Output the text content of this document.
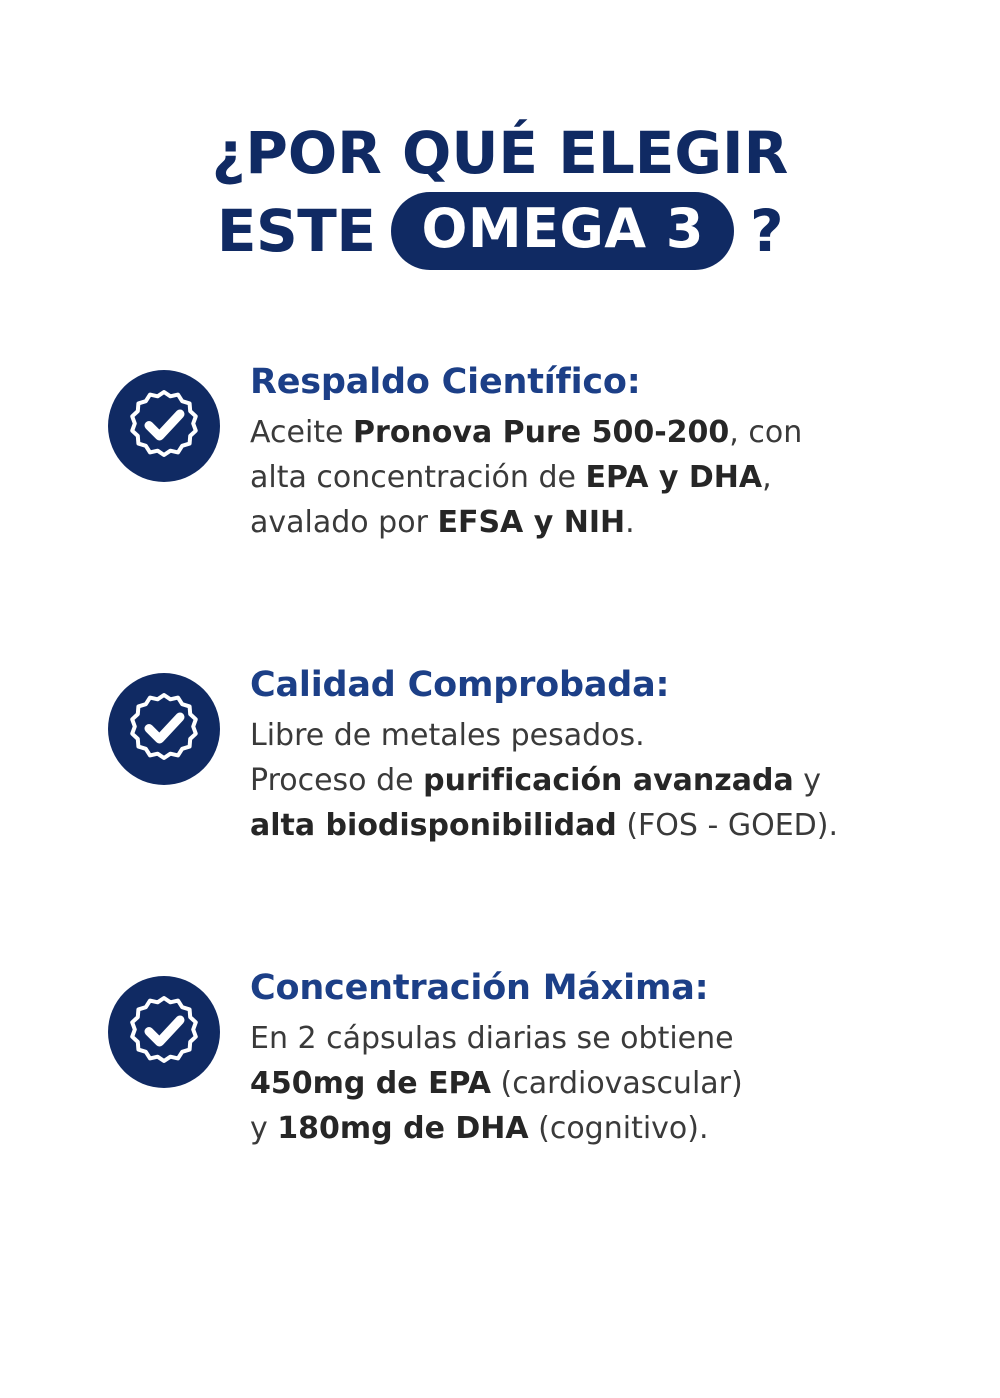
¿POR QUÉ ELEGIR
ESTE OMEGA 3 ?
Respaldo Científico:
Aceite Pronova Pure 500-200, con
alta concentración de EPA y DHA,
avalado por EFSA y NIH.
Calidad Comprobada:
Libre de metales pesados.
Proceso de purificación avanzada y
alta biodisponibilidad (FOS - GOED).
Concentración Máxima:
En 2 cápsulas diarias se obtiene
450mg de EPA (cardiovascular)
y 180mg de DHA (cognitivo).
